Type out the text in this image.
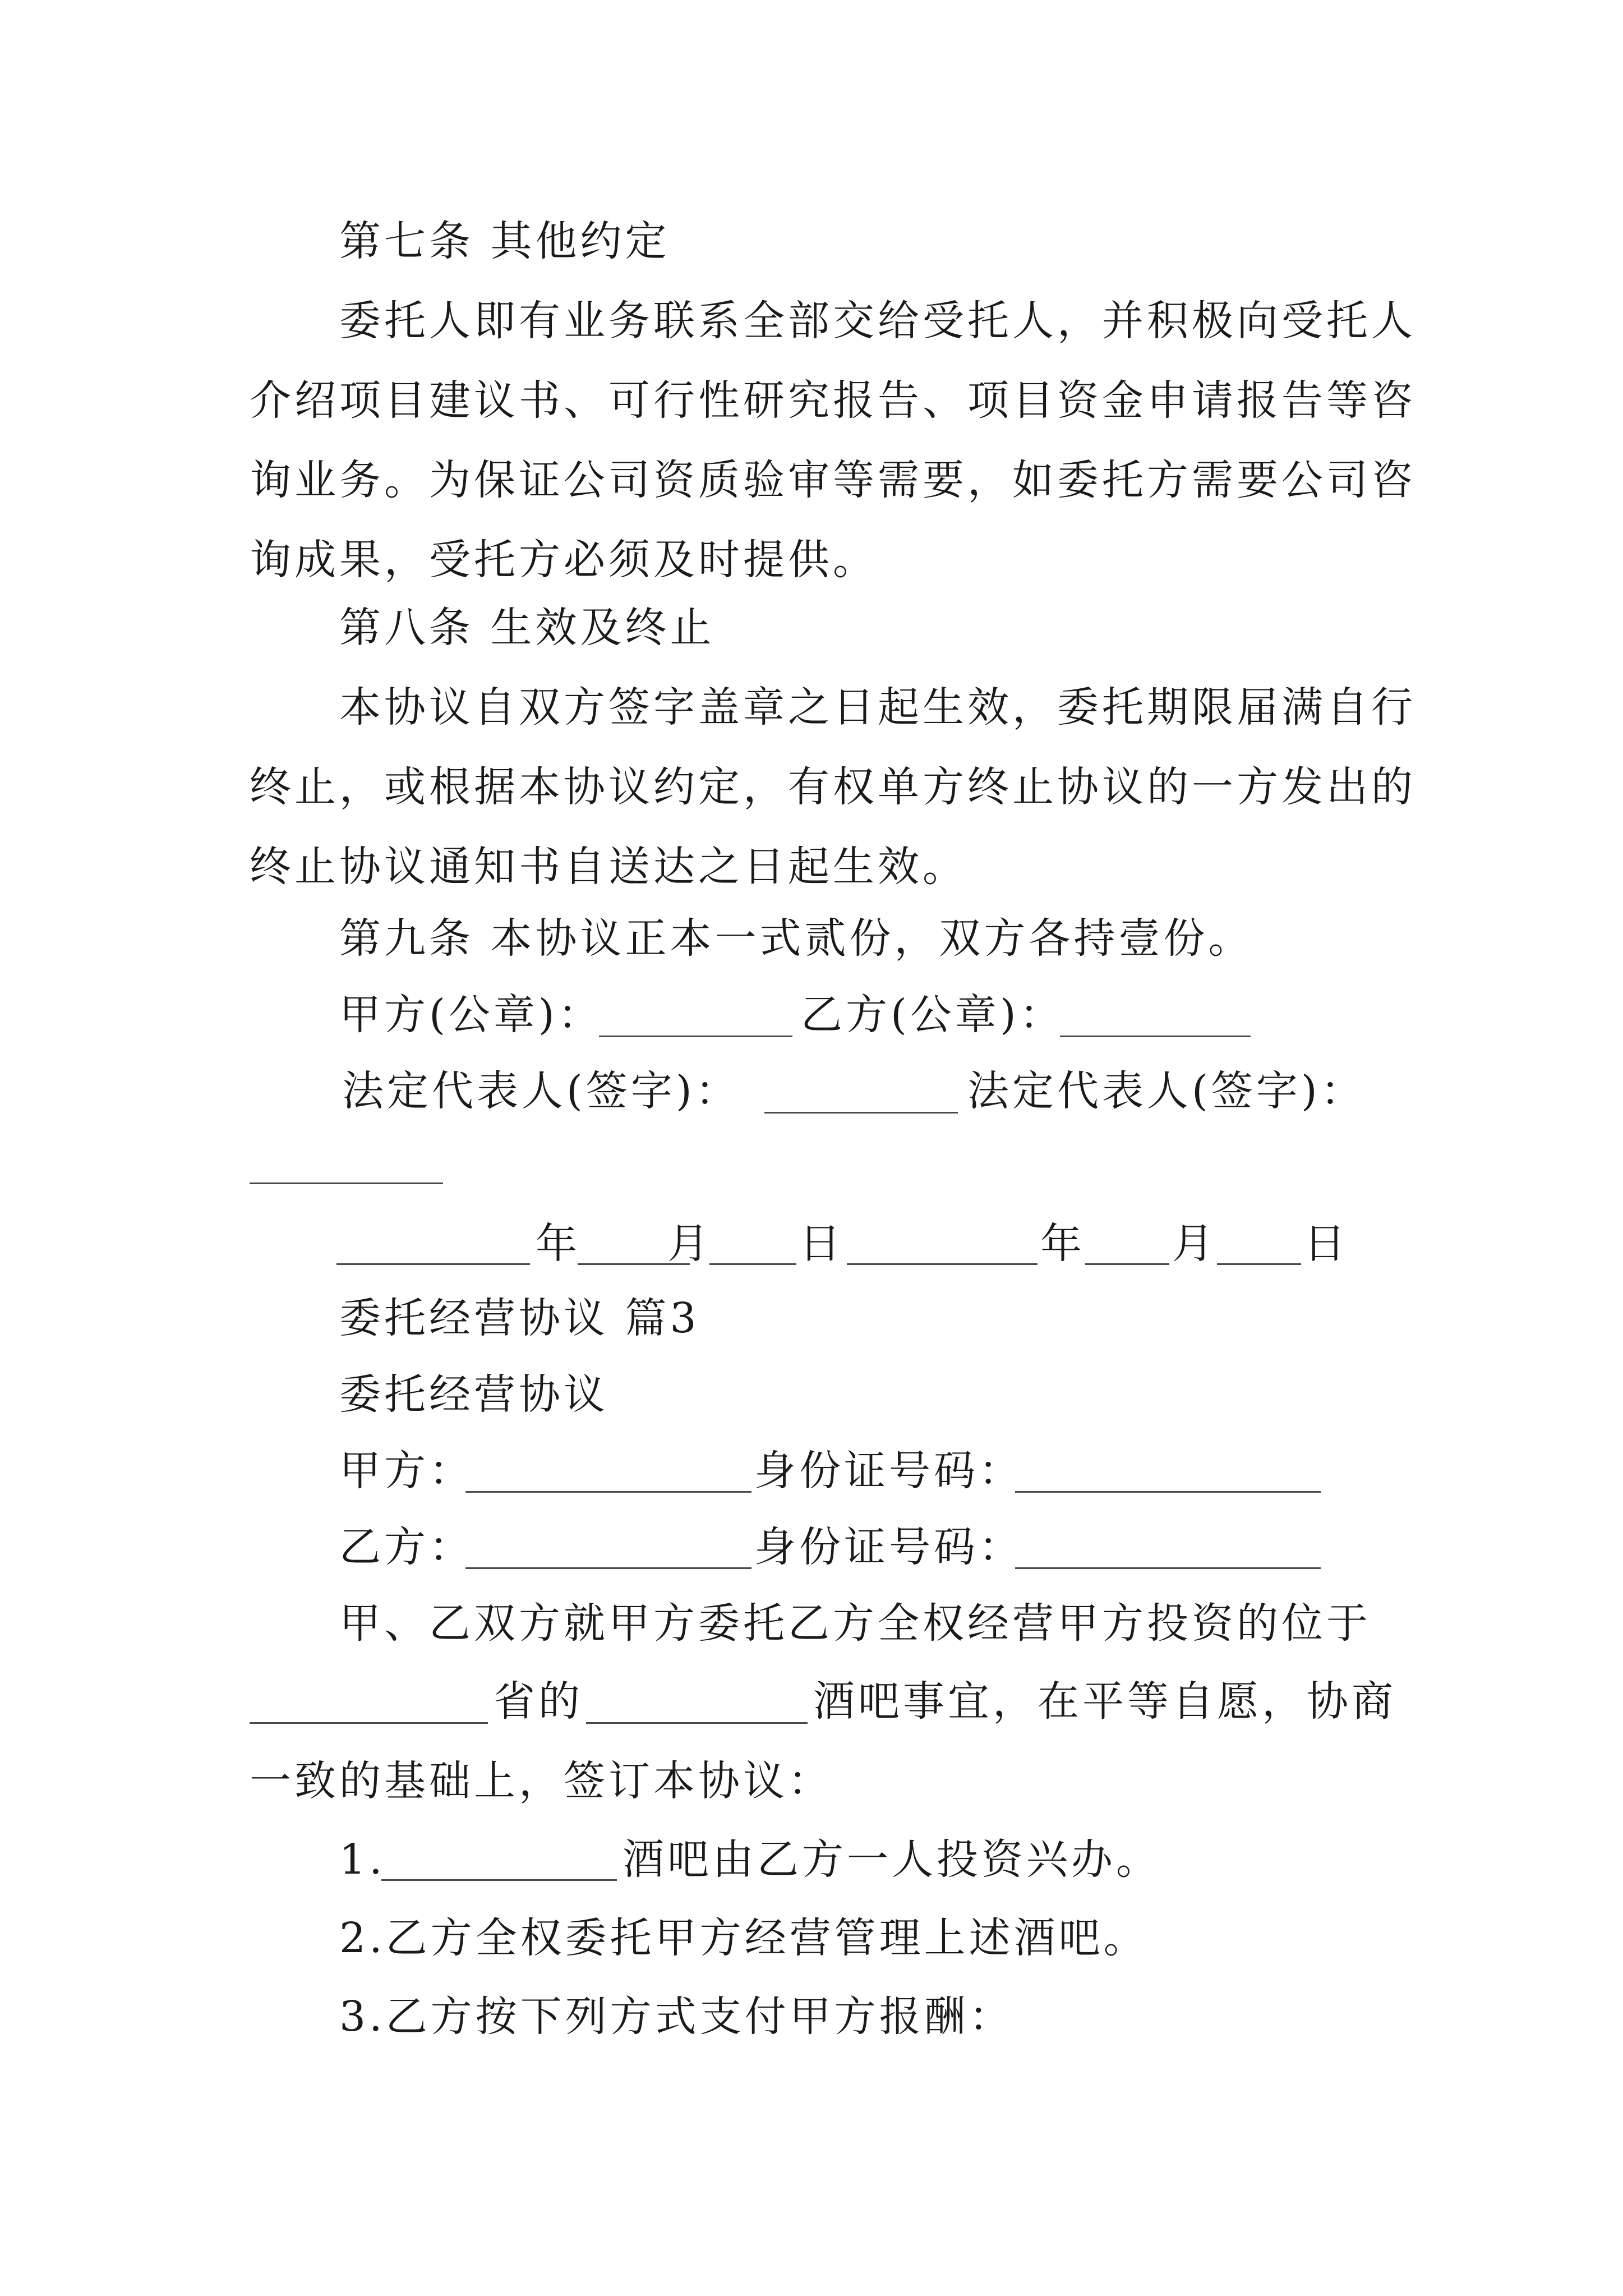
第七条 其他约定
委托人即有业务联系全部交给受托人，并积极向受托人
介绍项目建议书、可行性研究报告、项目资金申请报告等咨
询业务。为保证公司资质验审等需要，如委托方需要公司咨
询成果，受托方必须及时提供。
第八条 生效及终止
本协议自双方签字盖章之日起生效，委托期限届满自行
终止，或根据本协议约定，有权单方终止协议的一方发出的
终止协议通知书自送达之日起生效。
第九条 本协议正本一式贰份，双方各持壹份。
甲方(公章)：	乙方(公章)：
法定代表人(签字)：	法定代表人(签字)：
年 月 日	年 月 日
委托经营协议 篇3
委托经营协议
甲方：	身份证号码：
乙方：	身份证号码：
甲、乙双方就甲方委托乙方全权经营甲方投资的位于
省的	酒吧事宜，在平等自愿，协商
一致的基础上，签订本协议：
1.	酒吧由乙方一人投资兴办。
2.乙方全权委托甲方经营管理上述酒吧。
3.乙方按下列方式支付甲方报酬：
